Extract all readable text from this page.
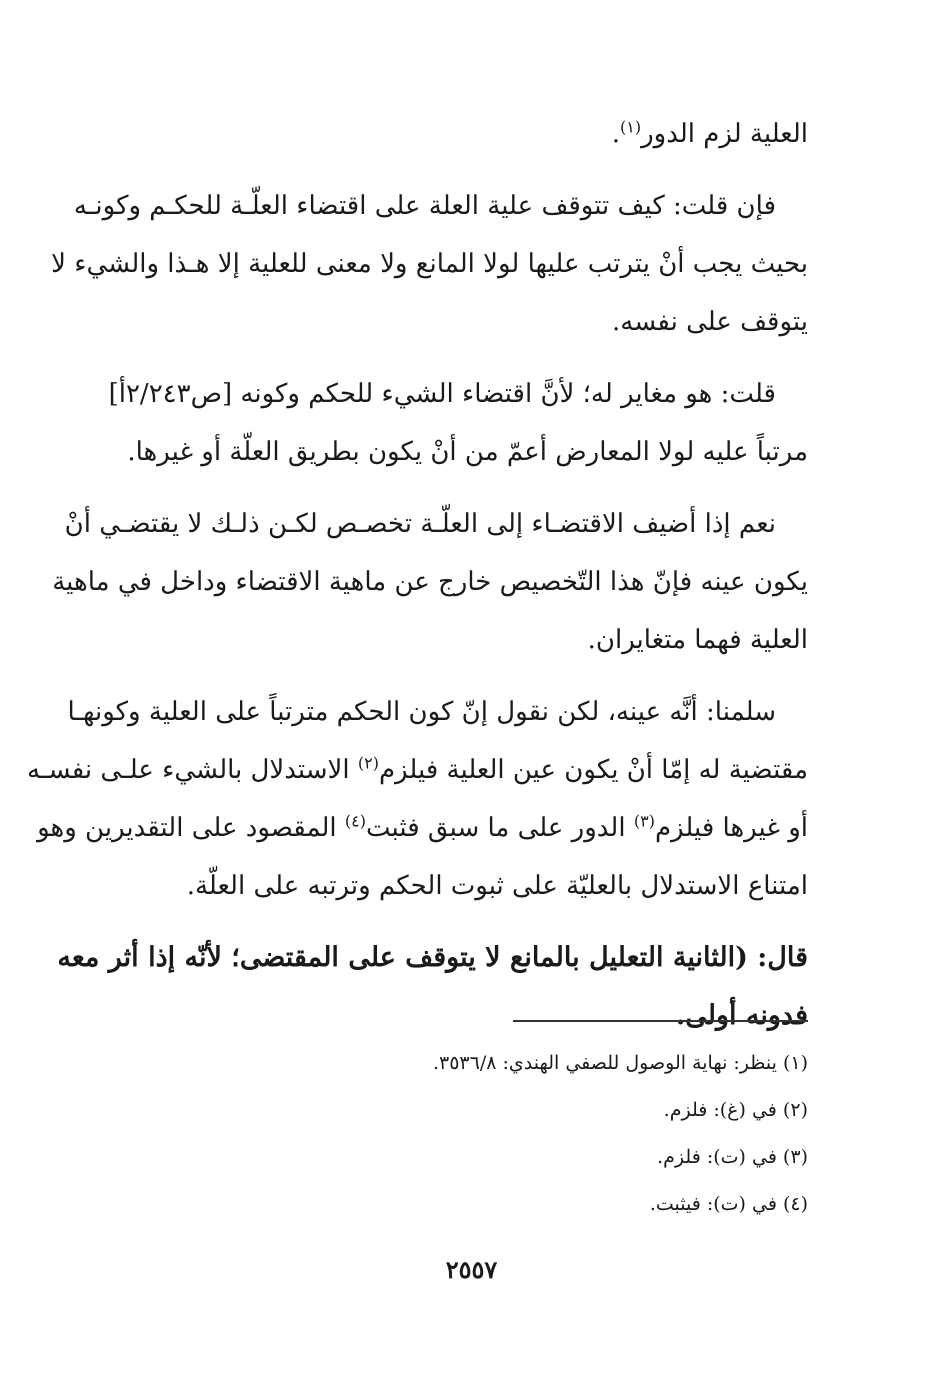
العلية لزم الدور$^{(١)}$.
فإن قلت: كيف تتوقف علية العلة على اقتضاء العلّـة للحكـم وكونـه
بحيث يجب أنْ يترتب عليها لولا المانع ولا معنى للعلية إلا هـذا والشيء لا
يتوقف على نفسه.
قلت: هو مغاير له؛ لأنَّ اقتضاء الشيء للحكم وكونه [ص٢/٢٤٣أ]
مرتباً عليه لولا المعارض أعمّ من أنْ يكون بطريق العلّة أو غيرها.
نعم إذا أضيف الاقتضـاء إلى العلّـة تخصـص لكـن ذلـك لا يقتضـي أنْ
يكون عينه فإنّ هذا التّخصيص خارج عن ماهية الاقتضاء وداخل في ماهية
العلية فهما متغايران.
سلمنا: أنَّه عينه، لكن نقول إنّ كون الحكم مترتباً على العلية وكونهـا
مقتضية له إمّا أنْ يكون عين العلية فيلزم$^{(٢)}$ الاستدلال بالشيء علـى نفسـه
أو غيرها فيلزم$^{(٣)}$ الدور على ما سبق فثبت$^{(٤)}$ المقصود على التقديرين وهو
امتناع الاستدلال بالعليّة على ثبوت الحكم وترتبه على العلّة.
قال: (الثانية التعليل بالمانع لا يتوقف على المقتضى؛ لأنّه إذا أثر معه
فدونه أولى.
(١) ينظر: نهاية الوصول للصفي الهندي: ٣٥٣٦/٨.
(٢) في (غ): فلزم.
(٣) في (ت): فلزم.
(٤) في (ت): فيثبت.
٢٥٥٧
